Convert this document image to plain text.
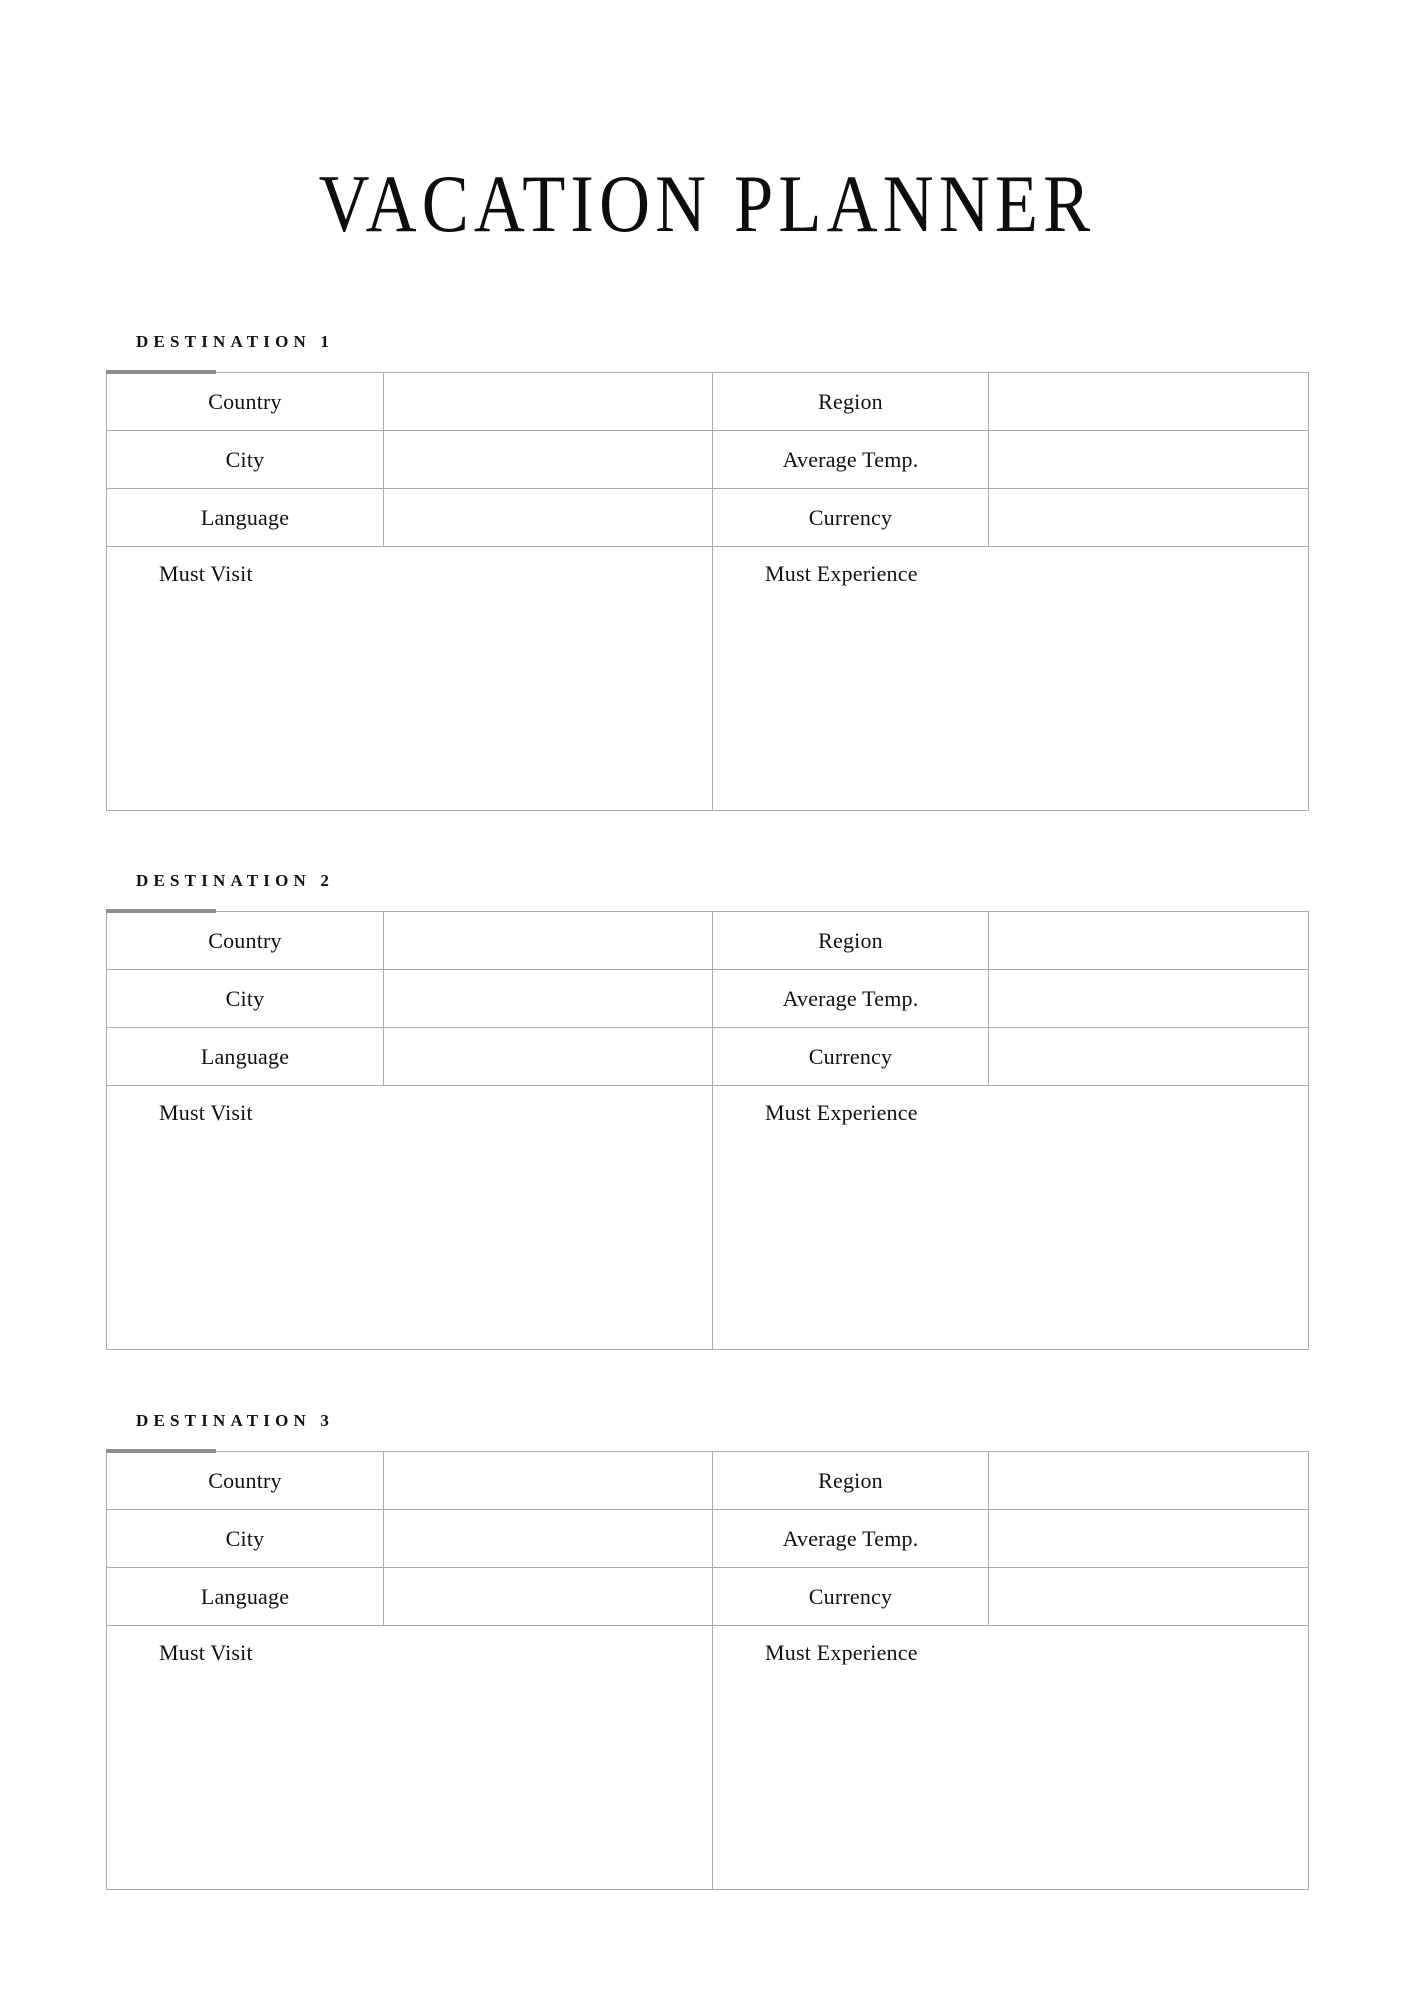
VACATION PLANNER
DESTINATION 1
Country		Region	
City		Average Temp.	
Language		Currency	

Must Visit		Must Experience	
DESTINATION 2
Country		Region	
City		Average Temp.	
Language		Currency	

Must Visit		Must Experience	
DESTINATION 3
Country		Region	
City		Average Temp.	
Language		Currency	

Must Visit		Must Experience	
